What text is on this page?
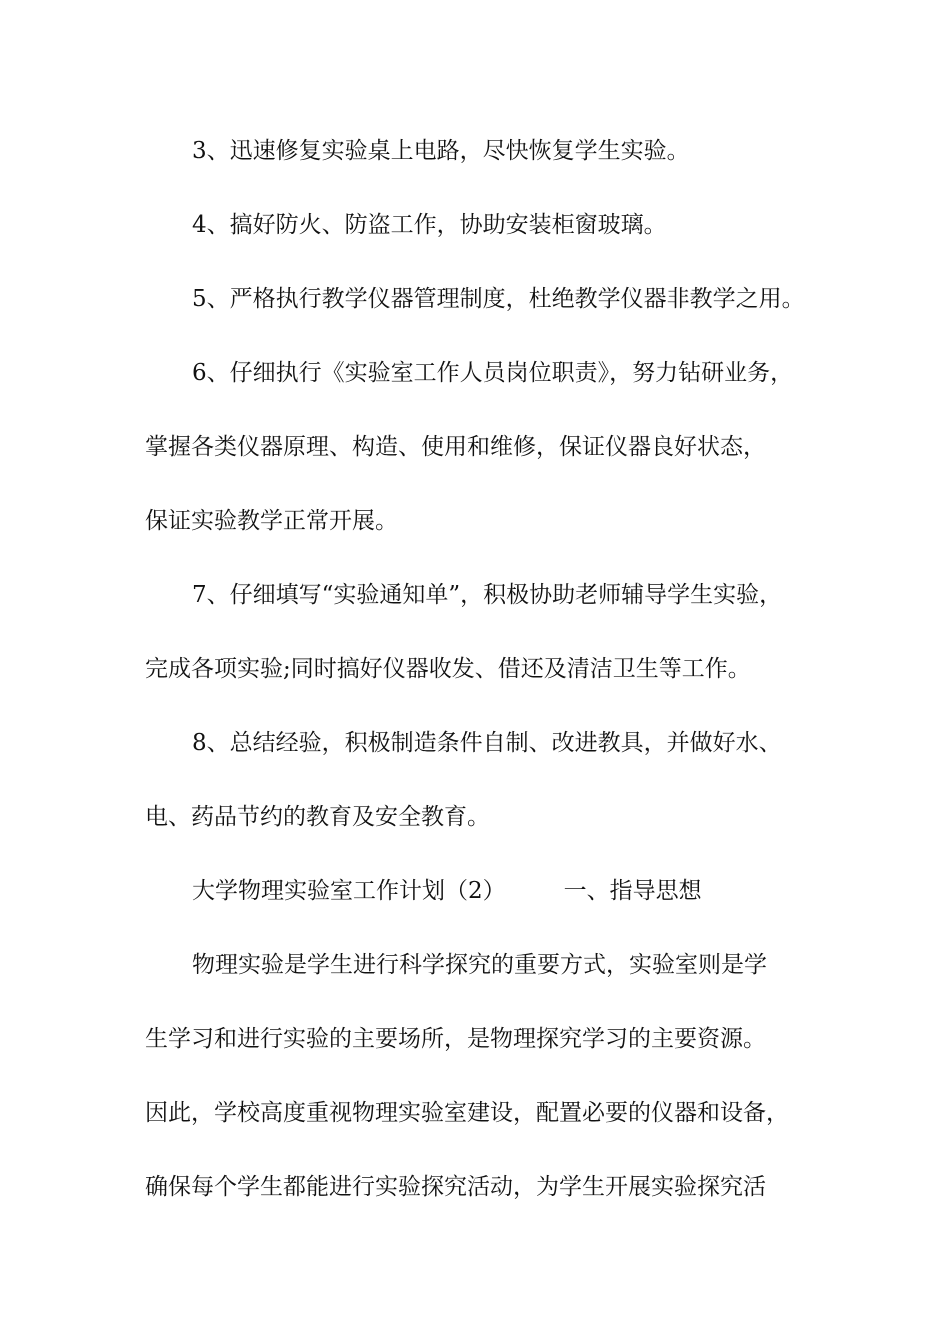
3、迅速修复实验桌上电路，尽快恢复学生实验。
4、搞好防火、防盗工作，协助安装柜窗玻璃。
5、严格执行教学仪器管理制度，杜绝教学仪器非教学之用。
6、仔细执行《实验室工作人员岗位职责》，努力钻研业务，
掌握各类仪器原理、构造、使用和维修，保证仪器良好状态，
保证实验教学正常开展。
7、仔细填写“实验通知单”，积极协助老师辅导学生实验，
完成各项实验;同时搞好仪器收发、借还及清洁卫生等工作。
8、总结经验，积极制造条件自制、改进教具，并做好水、
电、药品节约的教育及安全教育。
大学物理实验室工作计划（2）	一、指导思想
物理实验是学生进行科学探究的重要方式，实验室则是学
生学习和进行实验的主要场所，是物理探究学习的主要资源。
因此，学校高度重视物理实验室建设，配置必要的仪器和设备，
确保每个学生都能进行实验探究活动，为学生开展实验探究活
